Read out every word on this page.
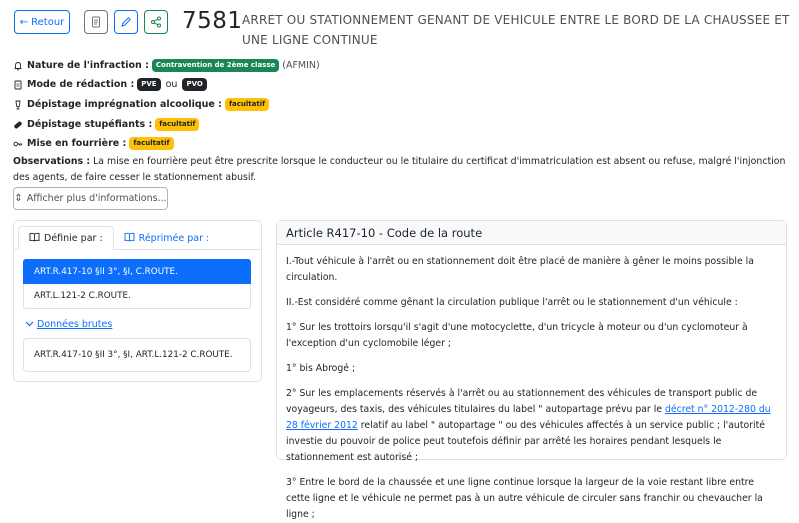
← Retour	7581 ARRET OU STATIONNEMENT GENANT DE VEHICULE ENTRE LE BORD DE LA CHAUSSEE ET UNE LIGNE CONTINUE
Nature de l'infraction :	Contravention de 2ème classe (AFMIN)
Mode de rédaction :	PVE ou	PVO
Dépistage imprégnation alcoolique :	facultatif
Dépistage stupéfiants :	facultatif
Mise en fourrière :	facultatif
Observations : La mise en fourrière peut être prescrite lorsque le conducteur ou le titulaire du certificat d'immatriculation est absent ou refuse, malgré l'injonction des agents, de faire cesser le stationnement abusif.
⇕ Afficher plus d'informations...
Définie par :	Réprimée par :
ART.R.417-10 §II 3°, §I, C.ROUTE.
ART.L.121-2 C.ROUTE.
Données brutes
ART.R.417-10 §II 3°, §I, ART.L.121-2 C.ROUTE.
Article R417-10 - Code de la route

I.-Tout véhicule à l'arrêt ou en stationnement doit être placé de manière à gêner le moins possible la circulation.

II.-Est considéré comme gênant la circulation publique l'arrêt ou le stationnement d'un véhicule :

1° Sur les trottoirs lorsqu'il s'agit d'une motocyclette, d'un tricycle à moteur ou d'un cyclomoteur à l'exception d'un cyclomobile léger ;

1° bis Abrogé ;

2° Sur les emplacements réservés à l'arrêt ou au stationnement des véhicules de transport public de voyageurs, des taxis, des véhicules titulaires du label " autopartage prévu par le décret n° 2012-280 du 28 février 2012 relatif au label " autopartage " ou des véhicules affectés à un service public ; l'autorité investie du pouvoir de police peut toutefois définir par arrêté les horaires pendant lesquels le stationnement est autorisé ;

3° Entre le bord de la chaussée et une ligne continue lorsque la largeur de la voie restant libre entre cette ligne et le véhicule ne permet pas à un autre véhicule de circuler sans franchir ou chevaucher la ligne ;
